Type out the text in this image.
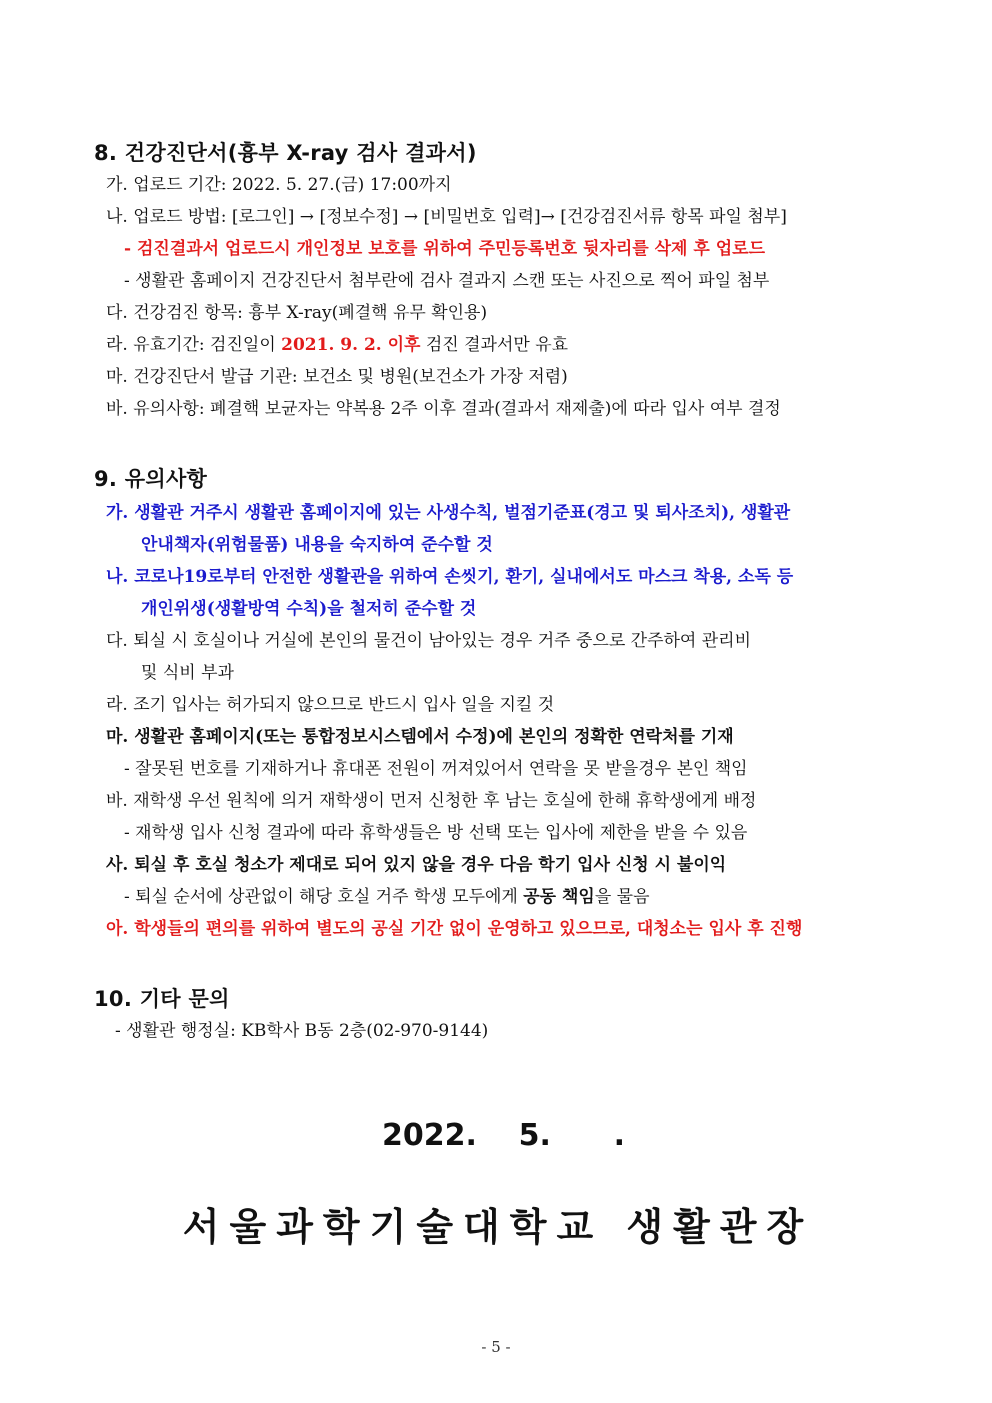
8. 건강진단서(흉부 X-ray 검사 결과서)
가. 업로드 기간: 2022. 5. 27.(금) 17:00까지
나. 업로드 방법: [로그인] → [정보수정] → [비밀번호 입력]→ [건강검진서류 항목 파일 첨부]
- 검진결과서 업로드시 개인정보 보호를 위하여 주민등록번호 뒷자리를 삭제 후 업로드
- 생활관 홈페이지 건강진단서 첨부란에 검사 결과지 스캔 또는 사진으로 찍어 파일 첨부
다. 건강검진 항목: 흉부 X-ray(폐결핵 유무 확인용)
라. 유효기간: 검진일이 2021. 9. 2. 이후 검진 결과서만 유효
마. 건강진단서 발급 기관: 보건소 및 병원(보건소가 가장 저렴)
바. 유의사항: 폐결핵 보균자는 약복용 2주 이후 결과(결과서 재제출)에 따라 입사 여부 결정
9. 유의사항
가. 생활관 거주시 생활관 홈페이지에 있는 사생수칙, 벌점기준표(경고 및 퇴사조치), 생활관
안내책자(위험물품) 내용을 숙지하여 준수할 것
나. 코로나19로부터 안전한 생활관을 위하여 손씻기, 환기, 실내에서도 마스크 착용, 소독 등
개인위생(생활방역 수칙)을 철저히 준수할 것
다. 퇴실 시 호실이나 거실에 본인의 물건이 남아있는 경우 거주 중으로 간주하여 관리비
및 식비 부과
라. 조기 입사는 허가되지 않으므로 반드시 입사 일을 지킬 것
마. 생활관 홈페이지(또는 통합정보시스템에서 수정)에 본인의 정확한 연락처를 기재
- 잘못된 번호를 기재하거나 휴대폰 전원이 꺼져있어서 연락을 못 받을경우 본인 책임
바. 재학생 우선 원칙에 의거 재학생이 먼저 신청한 후 남는 호실에 한해 휴학생에게 배정
- 재학생 입사 신청 결과에 따라 휴학생들은 방 선택 또는 입사에 제한을 받을 수 있음
사. 퇴실 후 호실 청소가 제대로 되어 있지 않을 경우 다음 학기 입사 신청 시 불이익
- 퇴실 순서에 상관없이 해당 호실 거주 학생 모두에게 공동 책임을 물음
아. 학생들의 편의를 위하여 별도의 공실 기간 없이 운영하고 있으므로, 대청소는 입사 후 진행
10. 기타 문의
- 생활관 행정실: KB학사 B동 2층(02-970-9144)
2022.    5.      .
서울과학기술대학교 생활관장
- 5 -
